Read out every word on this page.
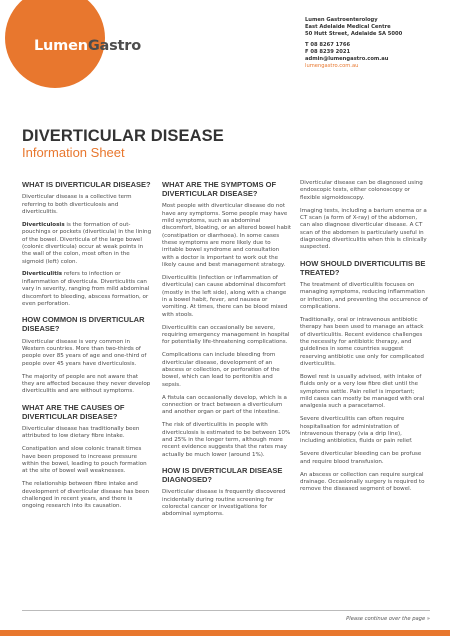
LumenGastro
Lumen Gastroenterology
East Adelaide Medical Centre
50 Hutt Street, Adelaide SA 5000
T 08 8267 1766
F 08 8239 2021
admin@lumengastro.com.au
lumengastro.com.au
DIVERTICULAR DISEASE
Information Sheet
WHAT IS DIVERTICULAR DISEASE?

Diverticular disease is a collective term referring to both diverticulosis and diverticulitis.

Diverticulosis is the formation of out-pouchings or pockets (diverticula) in the lining of the bowel. Diverticula of the large bowel (colonic diverticula) occur at weak points in the wall of the colon, most often in the sigmoid (left) colon.

Diverticulitis refers to infection or inflammation of diverticula. Diverticulitis can vary in severity, ranging from mild abdominal discomfort to bleeding, abscess formation, or even perforation.

HOW COMMON IS DIVERTICULAR DISEASE?

Diverticular disease is very common in Western countries. More than two-thirds of people over 85 years of age and one-third of people over 45 years have diverticulosis.

The majority of people are not aware that they are affected because they never develop diverticulitis and are without symptoms.

WHAT ARE THE CAUSES OF DIVERTICULAR DISEASE?

Diverticular disease has traditionally been attributed to low dietary fibre intake.

Constipation and slow colonic transit times have been proposed to increase pressure within the bowel, leading to pouch formation at the site of bowel wall weaknesses.

The relationship between fibre intake and development of diverticular disease has been challenged in recent years, and there is ongoing research into its causation.

WHAT ARE THE SYMPTOMS OF DIVERTICULAR DISEASE?

Most people with diverticular disease do not have any symptoms. Some people may have mild symptoms, such as abdominal discomfort, bloating, or an altered bowel habit (constipation or diarrhoea). In some cases these symptoms are more likely due to irritable bowel syndrome and consultation with a doctor is important to work out the likely cause and best management strategy.

Diverticulitis (infection or inflammation of diverticula) can cause abdominal discomfort (mostly in the left side), along with a change in a bowel habit, fever, and nausea or vomiting. At times, there can be blood mixed with stools.

Diverticulitis can occasionally be severe, requiring emergency management in hospital for potentially life-threatening complications.

Complications can include bleeding from diverticular disease, development of an abscess or collection, or perforation of the bowel, which can lead to peritonitis and sepsis.

A fistula can occasionally develop, which is a connection or tract between a diverticulum and another organ or part of the intestine.

The risk of diverticulitis in people with diverticulosis is estimated to be between 10% and 25% in the longer term, although more recent evidence suggests that the rates may actually be much lower (around 1%).

HOW IS DIVERTICULAR DISEASE DIAGNOSED?

Diverticular disease is frequently discovered incidentally during routine screening for colorectal cancer or investigations for abdominal symptoms.

Diverticular disease can be diagnosed using endoscopic tests, either colonoscopy or flexible sigmoidoscopy.

Imaging tests, including a barium enema or a CT scan (a form of X-ray) of the abdomen, can also diagnose diverticular disease. A CT scan of the abdomen is particularly useful in diagnosing diverticulitis when this is clinically suspected.

HOW SHOULD DIVERTICULITIS BE TREATED?

The treatment of diverticulitis focuses on managing symptoms, reducing inflammation or infection, and preventing the occurrence of complications.

Traditionally, oral or intravenous antibiotic therapy has been used to manage an attack of diverticulitis. Recent evidence challenges the necessity for antibiotic therapy, and guidelines in some countries suggest reserving antibiotic use only for complicated diverticulitis.

Bowel rest is usually advised, with intake of fluids only or a very low fibre diet until the symptoms settle. Pain relief is important; mild cases can mostly be managed with oral analgesia such a paracetamol.

Severe diverticulitis can often require hospitalisation for administration of intravenous therapy (via a drip line), including antibiotics, fluids or pain relief.

Severe diverticular bleeding can be profuse and require blood transfusion.

An abscess or collection can require surgical drainage. Occasionally surgery is required to remove the diseased segment of bowel.

Please continue over the page »
